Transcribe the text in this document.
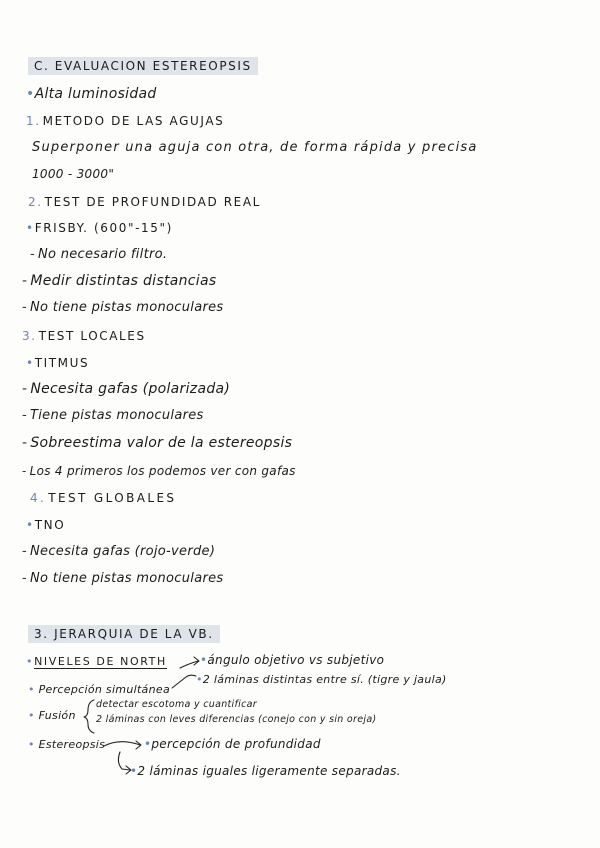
C. EVALUACION ESTEREOPSIS
•Alta luminosidad
1. METODO DE LAS AGUJAS
Superponer una aguja con otra, de forma rápida y precisa
1000 - 3000"
2. TEST DE PROFUNDIDAD REAL
•FRISBY. (600"-15")
- No necesario filtro.
- Medir distintas distancias
- No tiene pistas monoculares
3. TEST LOCALES
•TITMUS
- Necesita gafas (polarizada)
- Tiene pistas monoculares
- Sobreestima valor de la estereopsis
- Los 4 primeros los podemos ver con gafas
4. TEST GLOBALES
•TNO
- Necesita gafas (rojo-verde)
- No tiene pistas monoculares
3. JERARQUIA DE LA VB.
•NIVELES DE NORTH	•ángulo objetivo vs subjetivo
• Percepción simultánea
•2 láminas distintas entre sí. (tigre y jaula)
• Fusión
detectar escotoma y cuantificar
2 láminas con leves diferencias (conejo con y sin oreja)
• Estereopsis	•percepción de profundidad
•2 láminas iguales ligeramente separadas.
